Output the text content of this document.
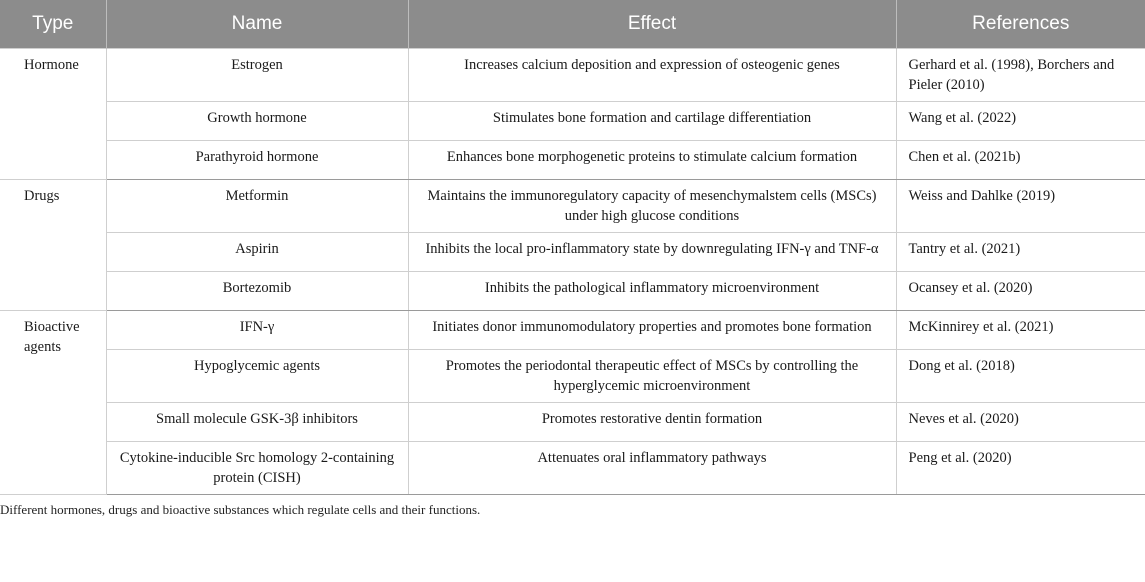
Type	Name	Effect	References
Hormone	Estrogen	Increases calcium deposition and expression of osteogenic genes	Gerhard et al. (1998), Borchers and Pieler (2010)
	Growth hormone	Stimulates bone formation and cartilage differentiation	Wang et al. (2022)
	Parathyroid hormone	Enhances bone morphogenetic proteins to stimulate calcium formation	Chen et al. (2021b)
Drugs	Metformin	Maintains the immunoregulatory capacity of mesenchymalstem cells (MSCs) under high glucose conditions	Weiss and Dahlke (2019)
	Aspirin	Inhibits the local pro-inflammatory state by downregulating IFN-γ and TNF-α	Tantry et al. (2021)
	Bortezomib	Inhibits the pathological inflammatory microenvironment	Ocansey et al. (2020)
Bioactive agents	IFN-γ	Initiates donor immunomodulatory properties and promotes bone formation	McKinnirey et al. (2021)
	Hypoglycemic agents	Promotes the periodontal therapeutic effect of MSCs by controlling the hyperglycemic microenvironment	Dong et al. (2018)
	Small molecule GSK-3β inhibitors	Promotes restorative dentin formation	Neves et al. (2020)
	Cytokine-inducible Src homology 2-containing protein (CISH)	Attenuates oral inflammatory pathways	Peng et al. (2020)
Different hormones, drugs and bioactive substances which regulate cells and their functions.
